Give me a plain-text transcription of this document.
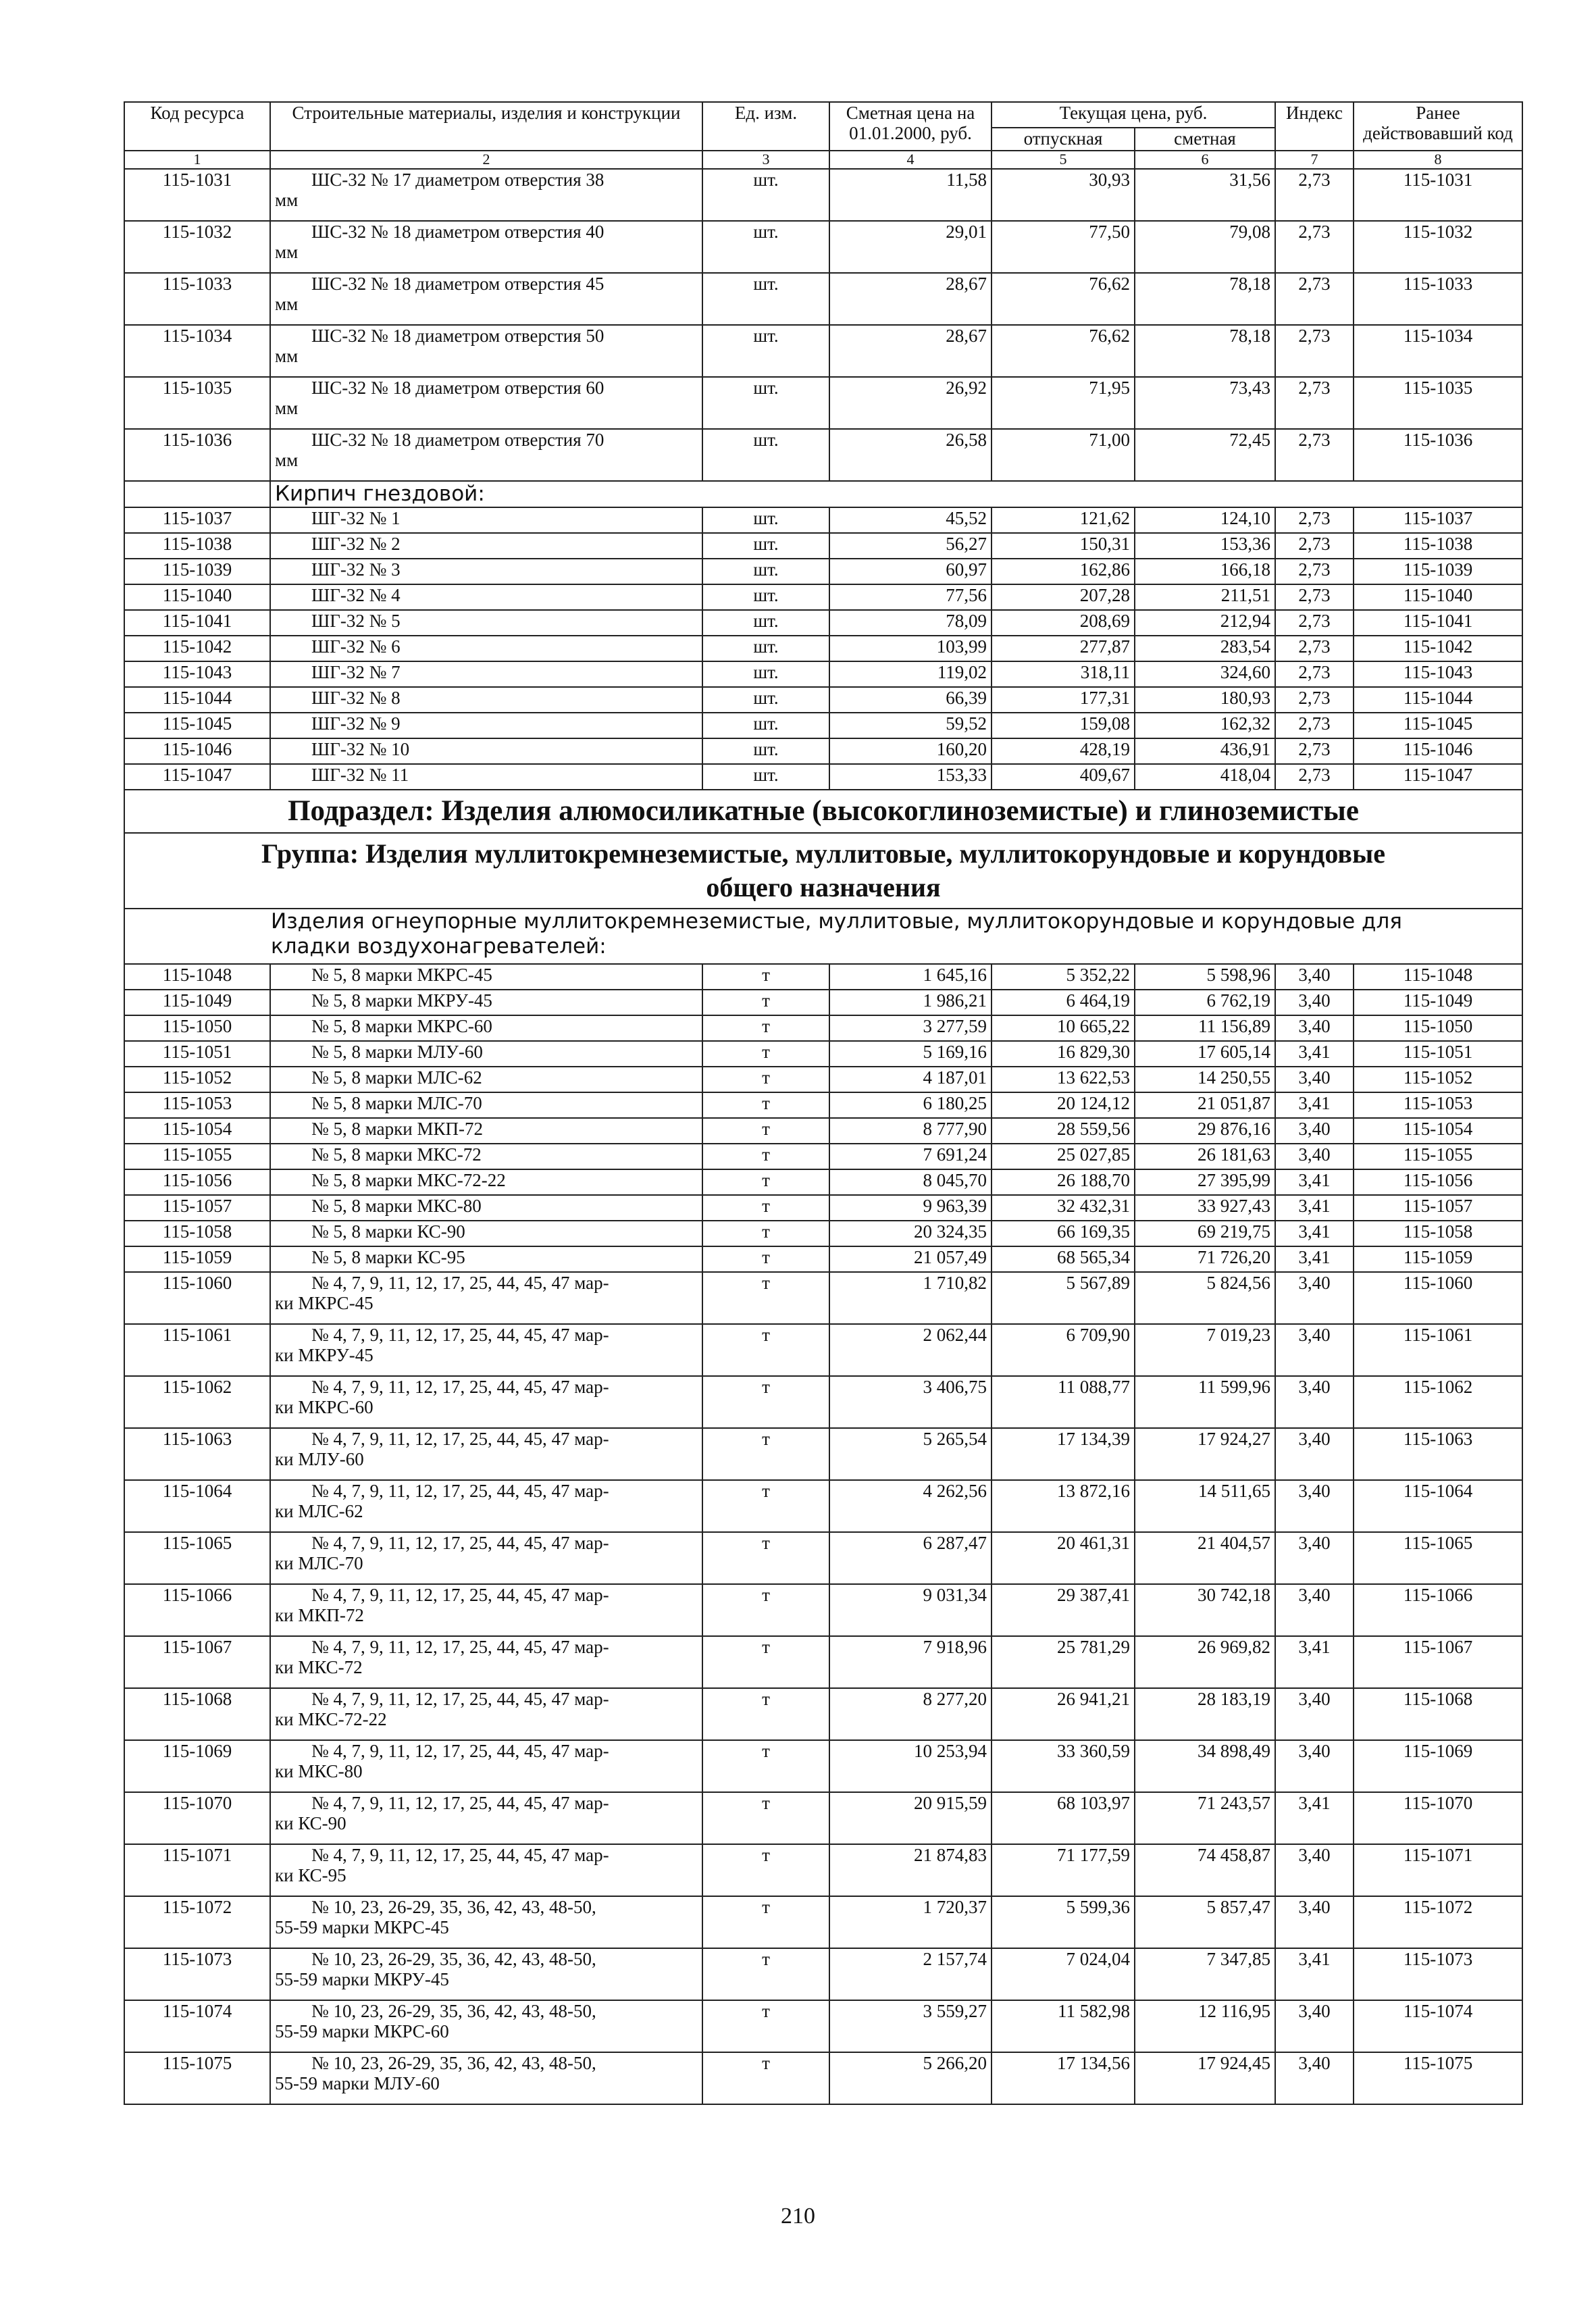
Код ресурса	Строительные материалы, изделия и конструкции	Ед. изм.	Сметная цена на 01.01.2000, руб.	Текущая цена, руб.		Индекс	Ранее действовавший код
				отпускная	сметная		
1	2	3	4	5	6	7	8
115-1031	ШС-32 № 17 диаметром отверстия 38
мм	шт.	11,58	30,93	31,56	2,73	115-1031
115-1032	ШС-32 № 18 диаметром отверстия 40
мм	шт.	29,01	77,50	79,08	2,73	115-1032
115-1033	ШС-32 № 18 диаметром отверстия 45
мм	шт.	28,67	76,62	78,18	2,73	115-1033
115-1034	ШС-32 № 18 диаметром отверстия 50
мм	шт.	28,67	76,62	78,18	2,73	115-1034
115-1035	ШС-32 № 18 диаметром отверстия 60
мм	шт.	26,92	71,95	73,43	2,73	115-1035
115-1036	ШС-32 № 18 диаметром отверстия 70
мм	шт.	26,58	71,00	72,45	2,73	115-1036
	Кирпич гнездовой:						
115-1037	ШГ-32 № 1	шт.	45,52	121,62	124,10	2,73	115-1037
115-1038	ШГ-32 № 2	шт.	56,27	150,31	153,36	2,73	115-1038
115-1039	ШГ-32 № 3	шт.	60,97	162,86	166,18	2,73	115-1039
115-1040	ШГ-32 № 4	шт.	77,56	207,28	211,51	2,73	115-1040
115-1041	ШГ-32 № 5	шт.	78,09	208,69	212,94	2,73	115-1041
115-1042	ШГ-32 № 6	шт.	103,99	277,87	283,54	2,73	115-1042
115-1043	ШГ-32 № 7	шт.	119,02	318,11	324,60	2,73	115-1043
115-1044	ШГ-32 № 8	шт.	66,39	177,31	180,93	2,73	115-1044
115-1045	ШГ-32 № 9	шт.	59,52	159,08	162,32	2,73	115-1045
115-1046	ШГ-32 № 10	шт.	160,20	428,19	436,91	2,73	115-1046
115-1047	ШГ-32 № 11	шт.	153,33	409,67	418,04	2,73	115-1047
Подраздел: Изделия алюмосиликатные (высокоглиноземистые) и глиноземистые							

Группа: Изделия муллитокремнеземистые, муллитовые, муллитокорундовые и корундовые
общего назначения							

Изделия огнеупорные муллитокремнеземистые, муллитовые, муллитокорундовые и корундовые для
кладки воздухонагревателей:							

115-1048	№ 5, 8 марки МКРС-45	т	1 645,16	5 352,22	5 598,96	3,40	115-1048
115-1049	№ 5, 8 марки МКРУ-45	т	1 986,21	6 464,19	6 762,19	3,40	115-1049
115-1050	№ 5, 8 марки МКРС-60	т	3 277,59	10 665,22	11 156,89	3,40	115-1050
115-1051	№ 5, 8 марки МЛУ-60	т	5 169,16	16 829,30	17 605,14	3,41	115-1051
115-1052	№ 5, 8 марки МЛС-62	т	4 187,01	13 622,53	14 250,55	3,40	115-1052
115-1053	№ 5, 8 марки МЛС-70	т	6 180,25	20 124,12	21 051,87	3,41	115-1053
115-1054	№ 5, 8 марки МКП-72	т	8 777,90	28 559,56	29 876,16	3,40	115-1054
115-1055	№ 5, 8 марки МКС-72	т	7 691,24	25 027,85	26 181,63	3,40	115-1055
115-1056	№ 5, 8 марки МКС-72-22	т	8 045,70	26 188,70	27 395,99	3,41	115-1056
115-1057	№ 5, 8 марки МКС-80	т	9 963,39	32 432,31	33 927,43	3,41	115-1057
115-1058	№ 5, 8 марки КС-90	т	20 324,35	66 169,35	69 219,75	3,41	115-1058
115-1059	№ 5, 8 марки КС-95	т	21 057,49	68 565,34	71 726,20	3,41	115-1059
115-1060	№ 4, 7, 9, 11, 12, 17, 25, 44, 45, 47 мар-
ки МКРС-45	т	1 710,82	5 567,89	5 824,56	3,40	115-1060
115-1061	№ 4, 7, 9, 11, 12, 17, 25, 44, 45, 47 мар-
ки МКРУ-45	т	2 062,44	6 709,90	7 019,23	3,40	115-1061
115-1062	№ 4, 7, 9, 11, 12, 17, 25, 44, 45, 47 мар-
ки МКРС-60	т	3 406,75	11 088,77	11 599,96	3,40	115-1062
115-1063	№ 4, 7, 9, 11, 12, 17, 25, 44, 45, 47 мар-
ки МЛУ-60	т	5 265,54	17 134,39	17 924,27	3,40	115-1063
115-1064	№ 4, 7, 9, 11, 12, 17, 25, 44, 45, 47 мар-
ки МЛС-62	т	4 262,56	13 872,16	14 511,65	3,40	115-1064
115-1065	№ 4, 7, 9, 11, 12, 17, 25, 44, 45, 47 мар-
ки МЛС-70	т	6 287,47	20 461,31	21 404,57	3,40	115-1065
115-1066	№ 4, 7, 9, 11, 12, 17, 25, 44, 45, 47 мар-
ки МКП-72	т	9 031,34	29 387,41	30 742,18	3,40	115-1066
115-1067	№ 4, 7, 9, 11, 12, 17, 25, 44, 45, 47 мар-
ки МКС-72	т	7 918,96	25 781,29	26 969,82	3,41	115-1067
115-1068	№ 4, 7, 9, 11, 12, 17, 25, 44, 45, 47 мар-
ки МКС-72-22	т	8 277,20	26 941,21	28 183,19	3,40	115-1068
115-1069	№ 4, 7, 9, 11, 12, 17, 25, 44, 45, 47 мар-
ки МКС-80	т	10 253,94	33 360,59	34 898,49	3,40	115-1069
115-1070	№ 4, 7, 9, 11, 12, 17, 25, 44, 45, 47 мар-
ки КС-90	т	20 915,59	68 103,97	71 243,57	3,41	115-1070
115-1071	№ 4, 7, 9, 11, 12, 17, 25, 44, 45, 47 мар-
ки КС-95	т	21 874,83	71 177,59	74 458,87	3,40	115-1071
115-1072	№ 10, 23, 26-29, 35, 36, 42, 43, 48-50,
55-59 марки МКРС-45	т	1 720,37	5 599,36	5 857,47	3,40	115-1072
115-1073	№ 10, 23, 26-29, 35, 36, 42, 43, 48-50,
55-59 марки МКРУ-45	т	2 157,74	7 024,04	7 347,85	3,41	115-1073
115-1074	№ 10, 23, 26-29, 35, 36, 42, 43, 48-50,
55-59 марки МКРС-60	т	3 559,27	11 582,98	12 116,95	3,40	115-1074
115-1075	№ 10, 23, 26-29, 35, 36, 42, 43, 48-50,
55-59 марки МЛУ-60	т	5 266,20	17 134,56	17 924,45	3,40	115-1075
210
